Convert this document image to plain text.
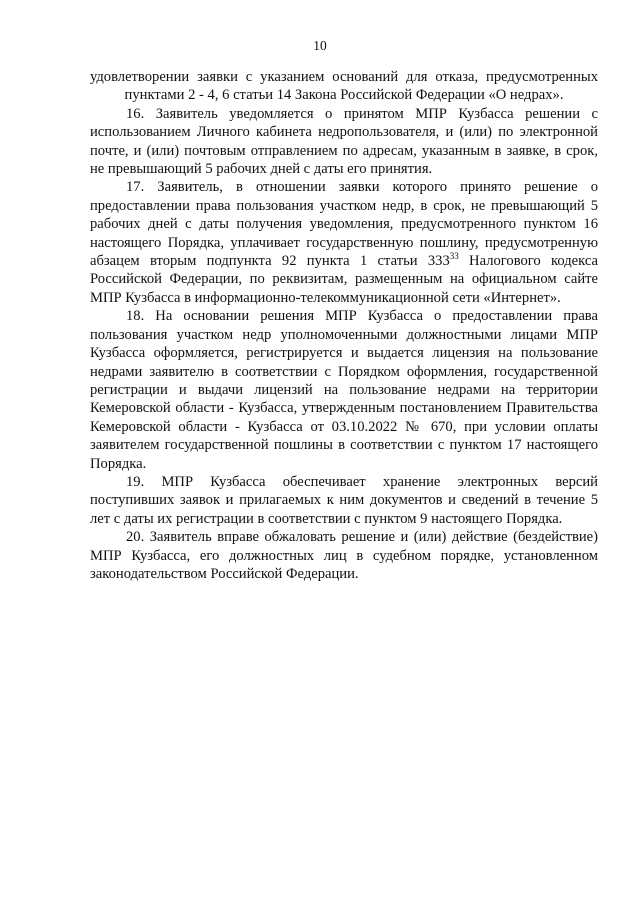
10

удовлетворении заявки с указанием оснований для отказа, предусмотренных пунктами 2 - 4, 6 статьи 14 Закона Российской Федерации «О недрах».

16. Заявитель уведомляется о принятом МПР Кузбасса решении с использованием Личного кабинета недропользователя, и (или) по электронной почте, и (или) почтовым отправлением по адресам, указанным в заявке, в срок, не превышающий 5 рабочих дней с даты его принятия.

17. Заявитель, в отношении заявки которого принято решение о предоставлении права пользования участком недр, в срок, не превышающий 5 рабочих дней с даты получения уведомления, предусмотренного пунктом 16 настоящего Порядка, уплачивает государственную пошлину, предусмотренную абзацем вторым подпункта 92 пункта 1 статьи $333^{33}$ Налогового кодекса Российской Федерации, по реквизитам, размещенным на официальном сайте МПР Кузбасса в информационно-телекоммуникационной сети «Интернет».

18. На основании решения МПР Кузбасса о предоставлении права пользования участком недр уполномоченными должностными лицами МПР Кузбасса оформляется, регистрируется и выдается лицензия на пользование недрами заявителю в соответствии с Порядком оформления, государственной регистрации и выдачи лицензий на пользование недрами на территории Кемеровской области - Кузбасса, утвержденным постановлением Правительства Кемеровской области - Кузбасса от 03.10.2022 № 670, при условии оплаты заявителем государственной пошлины в соответствии с пунктом 17 настоящего Порядка.

19. МПР Кузбасса обеспечивает хранение электронных версий поступивших заявок и прилагаемых к ним документов и сведений в течение 5 лет с даты их регистрации в соответствии с пунктом 9 настоящего Порядка.

20. Заявитель вправе обжаловать решение и (или) действие (бездействие) МПР Кузбасса, его должностных лиц в судебном порядке, установленном законодательством Российской Федерации.
